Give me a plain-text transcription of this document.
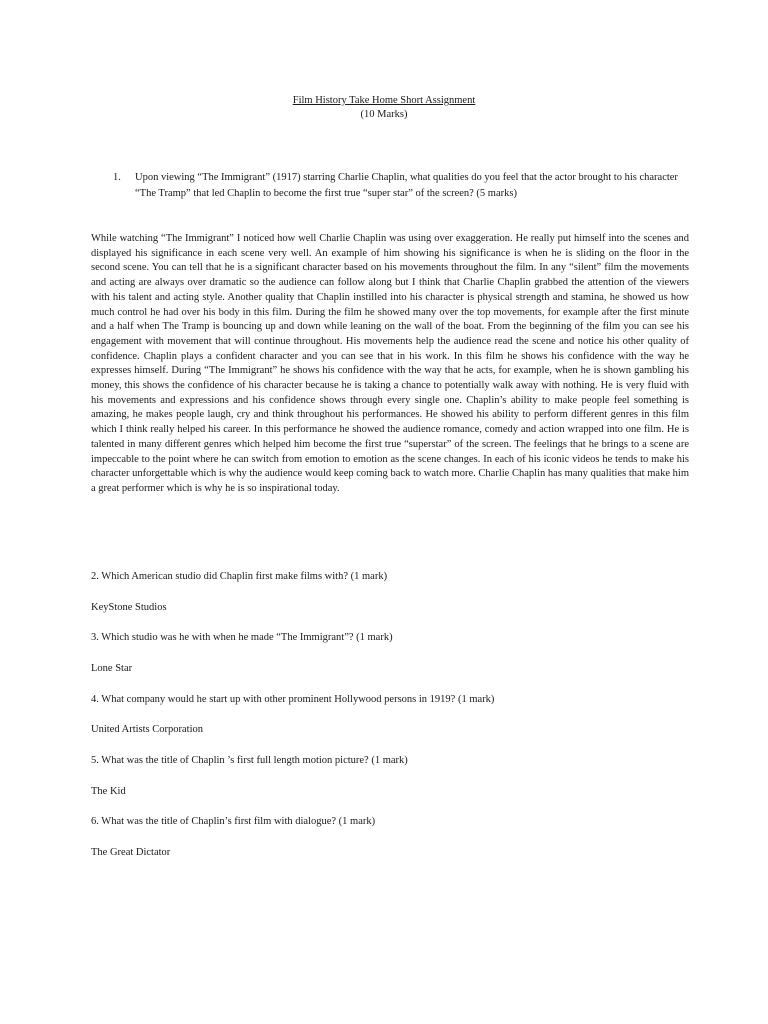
Film History Take Home Short Assignment
(10 Marks)
1. Upon viewing “The Immigrant” (1917) starring Charlie Chaplin, what qualities do you feel that the actor brought to his character “The Tramp” that led Chaplin to become the first true “super star” of the screen? (5 marks)
While watching “The Immigrant” I noticed how well Charlie Chaplin was using over exaggeration. He really put himself into the scenes and displayed his significance in each scene very well. An example of him showing his significance is when he is sliding on the floor in the second scene. You can tell that he is a significant character based on his movements throughout the film. In any “silent” film the movements and acting are always over dramatic so the audience can follow along but I think that Charlie Chaplin grabbed the attention of the viewers with his talent and acting style. Another quality that Chaplin instilled into his character is physical strength and stamina, he showed us how much control he had over his body in this film. During the film he showed many over the top movements, for example after the first minute and a half when The Tramp is bouncing up and down while leaning on the wall of the boat. From the beginning of the film you can see his engagement with movement that will continue throughout. His movements help the audience read the scene and notice his other quality of confidence. Chaplin plays a confident character and you can see that in his work. In this film he shows his confidence with the way he expresses himself. During “The Immigrant” he shows his confidence with the way that he acts, for example, when he is shown gambling his money, this shows the confidence of his character because he is taking a chance to potentially walk away with nothing. He is very fluid with his movements and expressions and his confidence shows through every single one. Chaplin’s ability to make people feel something is amazing, he makes people laugh, cry and think throughout his performances. He showed his ability to perform different genres in this film which I think really helped his career. In this performance he showed the audience romance, comedy and action wrapped into one film. He is talented in many different genres which helped him become the first true “superstar” of the screen. The feelings that he brings to a scene are impeccable to the point where he can switch from emotion to emotion as the scene changes. In each of his iconic videos he tends to make his character unforgettable which is why the audience would keep coming back to watch more. Charlie Chaplin has many qualities that make him a great performer which is why he is so inspirational today.
2. Which American studio did Chaplin first make films with? (1 mark)
KeyStone Studios
3. Which studio was he with when he made “The Immigrant”? (1 mark)
Lone Star
4. What company would he start up with other prominent Hollywood persons in 1919? (1 mark)
United Artists Corporation
5. What was the title of Chaplin ’s first full length motion picture? (1 mark)
The Kid
6. What was the title of Chaplin’s first film with dialogue? (1 mark)
The Great Dictator
